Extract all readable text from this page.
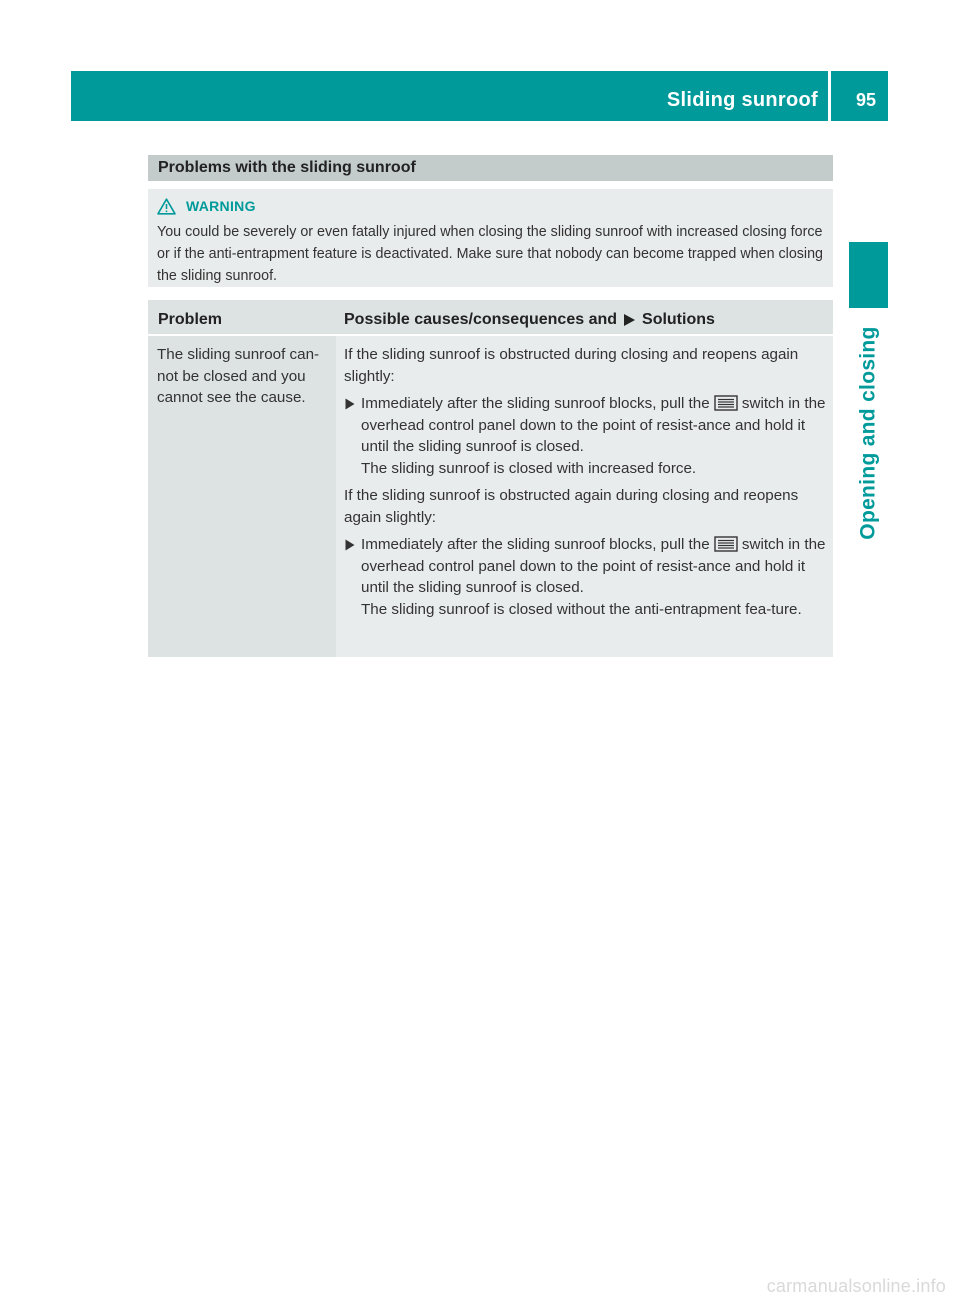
Sliding sunroof 95
Opening and closing
Problems with the sliding sunroof
WARNING
You could be severely or even fatally injured when closing the sliding sunroof with increased closing force or if the anti-entrapment feature is deactivated. Make sure that nobody can become trapped when closing the sliding sunroof.
Problem	Possible causes/consequences and Solutions
The sliding sunroof can-
not be closed and you
cannot see the cause.

If the sliding sunroof is obstructed during closing and reopens again slightly:

Immediately after the sliding sunroof blocks, pull the switch in the overhead control panel down to the point of resist-ance and hold it until the sliding sunroof is closed.
The sliding sunroof is closed with increased force.

If the sliding sunroof is obstructed again during closing and reopens again slightly:

Immediately after the sliding sunroof blocks, pull the switch in the overhead control panel down to the point of resist-ance and hold it until the sliding sunroof is closed.
The sliding sunroof is closed without the anti-entrapment fea-ture.
carmanualsonline.info
